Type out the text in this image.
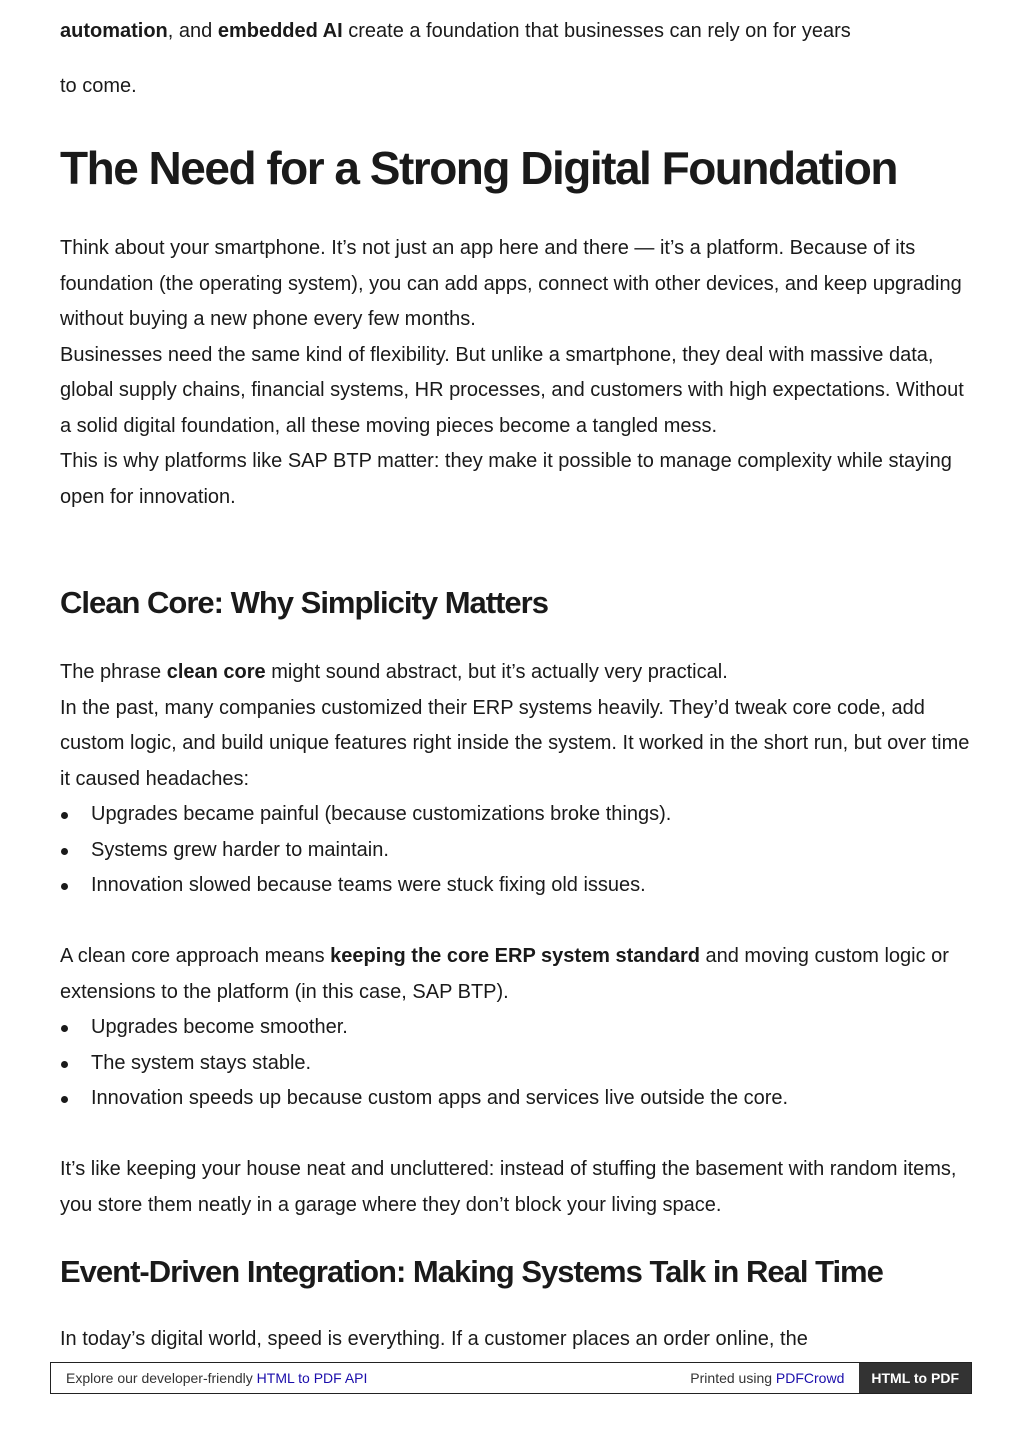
automation, and embedded AI create a foundation that businesses can rely on for years
to come.
The Need for a Strong Digital Foundation

Think about your smartphone. It’s not just an app here and there — it’s a platform. Because of its foundation (the operating system), you can add apps, connect with other devices, and keep upgrading without buying a new phone every few months.

Businesses need the same kind of flexibility. But unlike a smartphone, they deal with massive data, global supply chains, financial systems, HR processes, and customers with high expectations. Without a solid digital foundation, all these moving pieces become a tangled mess.

This is why platforms like SAP BTP matter: they make it possible to manage complexity while staying open for innovation.

Clean Core: Why Simplicity Matters

The phrase clean core might sound abstract, but it’s actually very practical.

In the past, many companies customized their ERP systems heavily. They’d tweak core code, add custom logic, and build unique features right inside the system. It worked in the short run, but over time it caused headaches:

Upgrades became painful (because customizations broke things).
Systems grew harder to maintain.
Innovation slowed because teams were stuck fixing old issues.

A clean core approach means keeping the core ERP system standard and moving custom logic or extensions to the platform (in this case, SAP BTP).

Upgrades become smoother.
The system stays stable.
Innovation speeds up because custom apps and services live outside the core.

It’s like keeping your house neat and uncluttered: instead of stuffing the basement with random items, you store them neatly in a garage where they don’t block your living space.

Event-Driven Integration: Making Systems Talk in Real Time
In today’s digital world, speed is everything. If a customer places an order online, the
Explore our developer-friendly HTML to PDF API	Printed using PDFCrowd	HTML to PDF
